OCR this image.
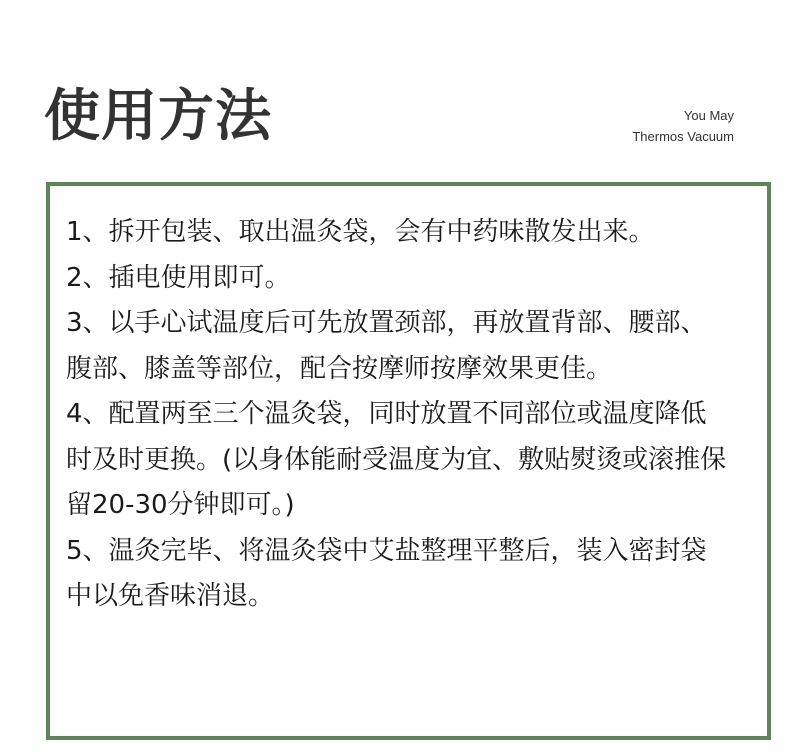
使用方法	You May
Thermos Vacuum

1、拆开包装、取出温灸袋，会有中药味散发出来。

2、插电使用即可。

3、以手心试温度后可先放置颈部，再放置背部、腰部、腹部、膝盖等部位，配合按摩师按摩效果更佳。

4、配置两至三个温灸袋，同时放置不同部位或温度降低时及时更换。(以身体能耐受温度为宜、敷贴熨烫或滚推保留20-30分钟即可。)

5、温灸完毕、将温灸袋中艾盐整理平整后，装入密封袋中以免香味消退。
